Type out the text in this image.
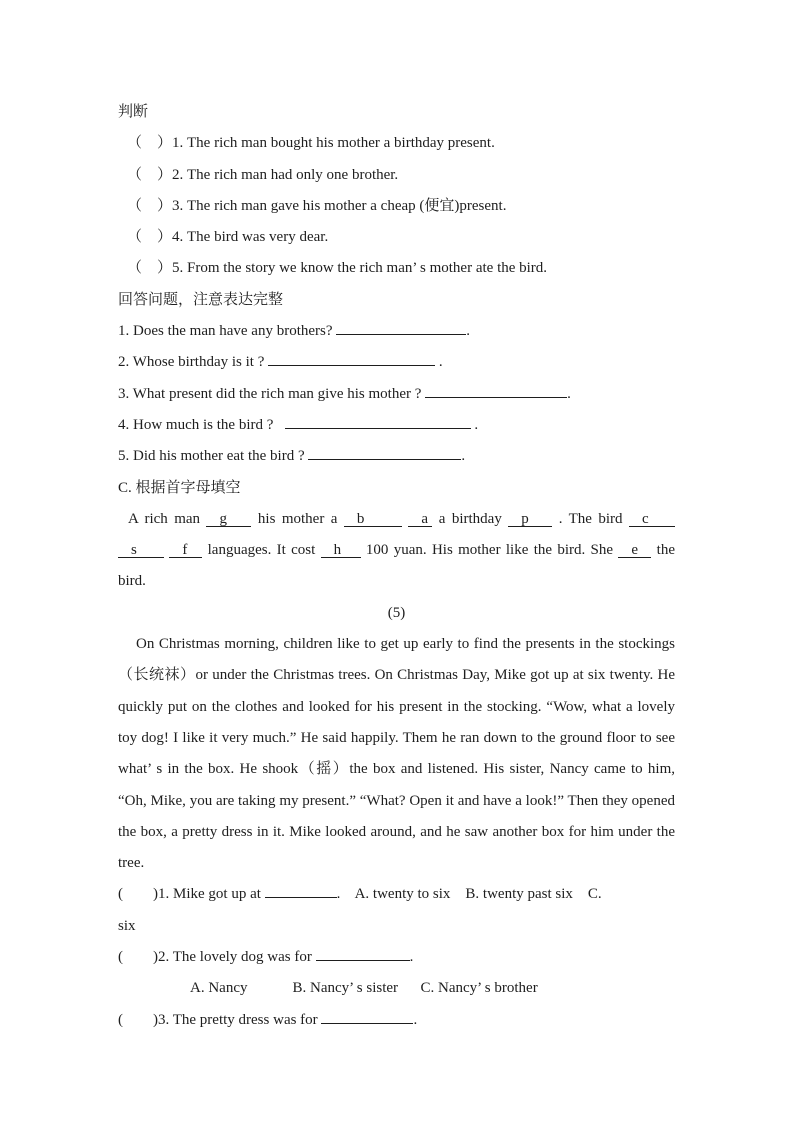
判断
（　）1. The rich man bought his mother a birthday present.
（　）2. The rich man had only one brother.
（　）3. The rich man gave his mother a cheap (便宜)present.
（　）4. The bird was very dear.
（　）5. From the story we know the rich man’ s mother ate the bird.
回答问题，注意表达完整
1. Does the man have any brothers?	.
2. Whose birthday is it ?	.
3. What present did the rich man give his mother ?	.
4. How much is the bird ?	.
5. Did his mother eat the bird ?	.
C. 根据首字母填空
A rich man g his mother a b	a a birthday p . The bird c s	f languages. It cost h 100 yuan. His mother like the bird. She e the bird.
(5)
On Christmas morning, children like to get up early to find the presents in the stockings（长统袜）or under the Christmas trees. On Christmas Day, Mike got up at six twenty. He quickly put on the clothes and looked for his present in the stocking. “Wow, what a lovely toy dog! I like it very much.” He said happily. Them he ran down to the ground floor to see what’ s in the box. He shook（摇）the box and listened. His sister, Nancy came to him, “Oh, Mike, you are taking my present.” “What? Open it and have a look!” Then they opened the box, a pretty dress in it. Mike looked around, and he saw another box for him under the tree.
(　　)1. Mike got up at	.    A. twenty to six    B. twenty past six    C.
six
(　　)2. The lovely dog was for	.
A. Nancy            B. Nancy’ s sister      C. Nancy’ s brother
(　　)3. The pretty dress was for	.
